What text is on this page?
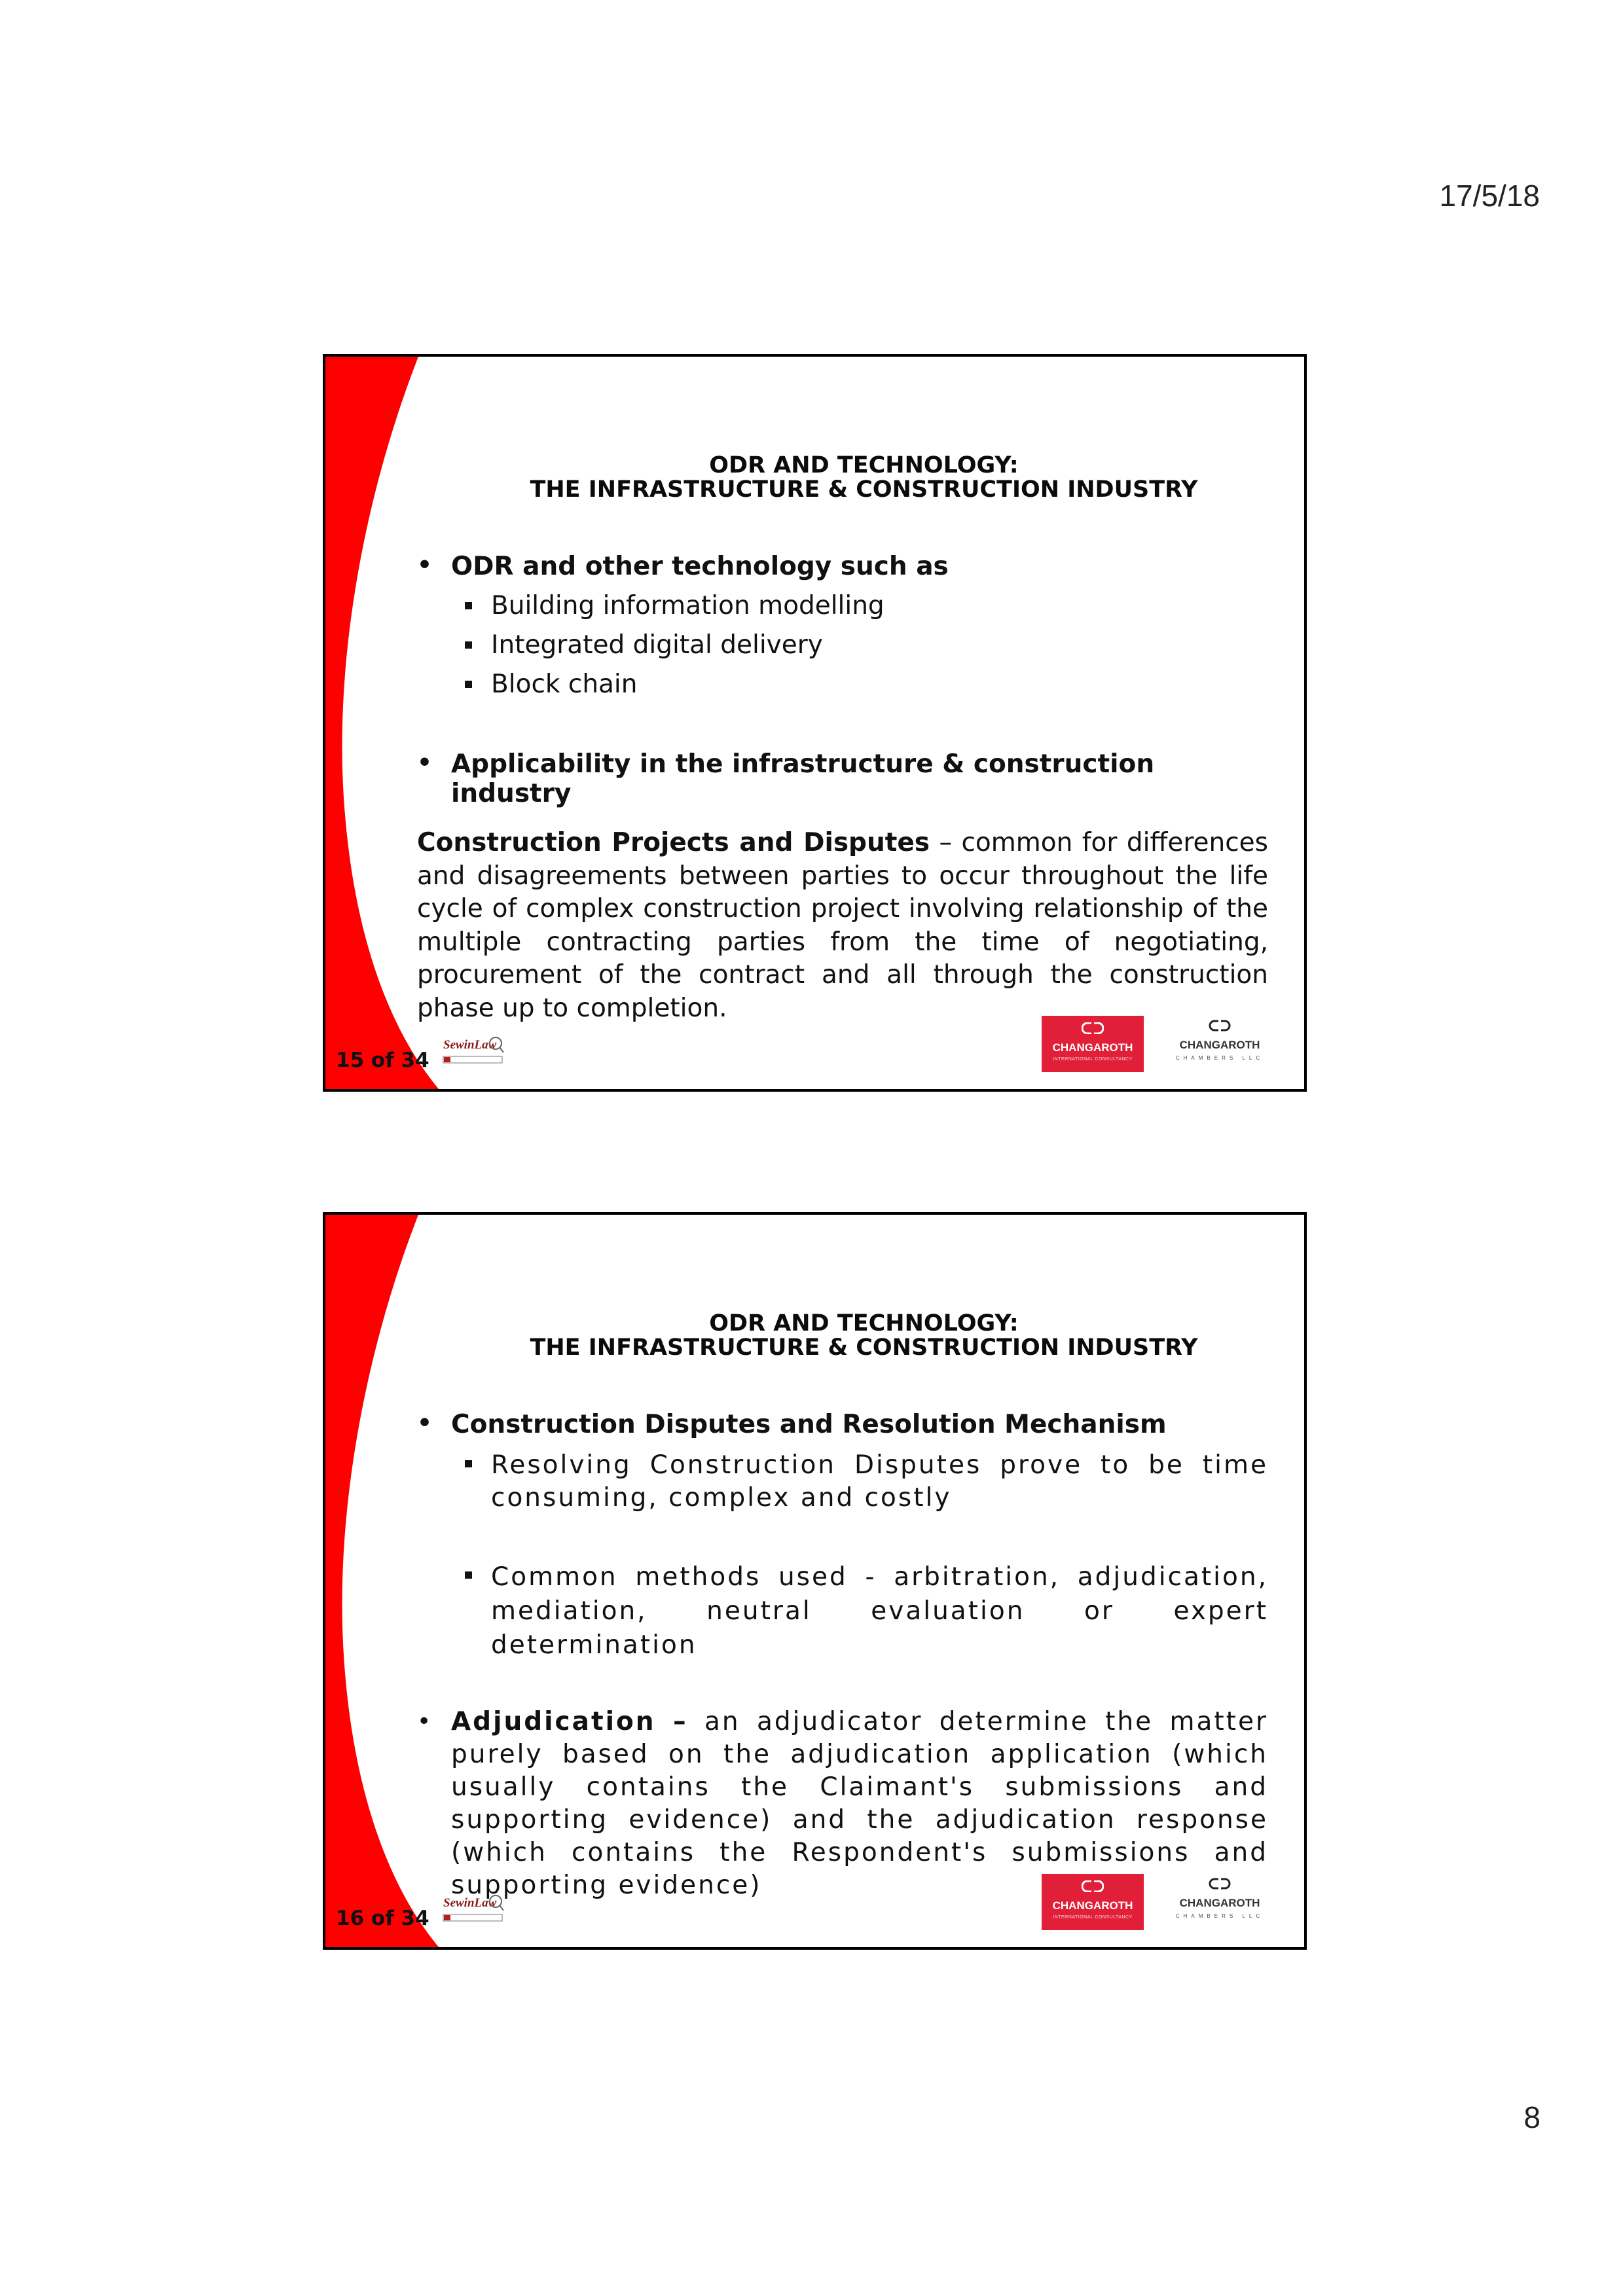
17/5/18
ODR AND TECHNOLOGY:
THE INFRASTRUCTURE & CONSTRUCTION INDUSTRY
• ODR and other technology such as
Building information modelling
Integrated digital delivery
Block chain
• Applicability in the infrastructure & construction industry
Construction Projects and Disputes – common for differences and disagreements between parties to occur throughout the life cycle of complex construction project involving relationship of the multiple contracting parties from the time of negotiating, procurement of the contract and all through the construction phase up to completion.
15 of 34
SewinLaw	CHANGAROTH
INTERNATIONAL CONSULTANCY
CHANGAROTH
CHAMBERS LLC
ODR AND TECHNOLOGY:
THE INFRASTRUCTURE & CONSTRUCTION INDUSTRY
• Construction Disputes and Resolution Mechanism
Resolving Construction Disputes prove to be time consuming, complex and costly
Common methods used - arbitration, adjudication, mediation, neutral evaluation or expert determination
• Adjudication – an adjudicator determine the matter purely based on the adjudication application (which usually contains the Claimant's submissions and supporting evidence) and the adjudication response (which contains the Respondent's submissions and supporting evidence)
16 of 34
SewinLaw	CHANGAROTH
INTERNATIONAL CONSULTANCY
CHANGAROTH
CHAMBERS LLC
8
